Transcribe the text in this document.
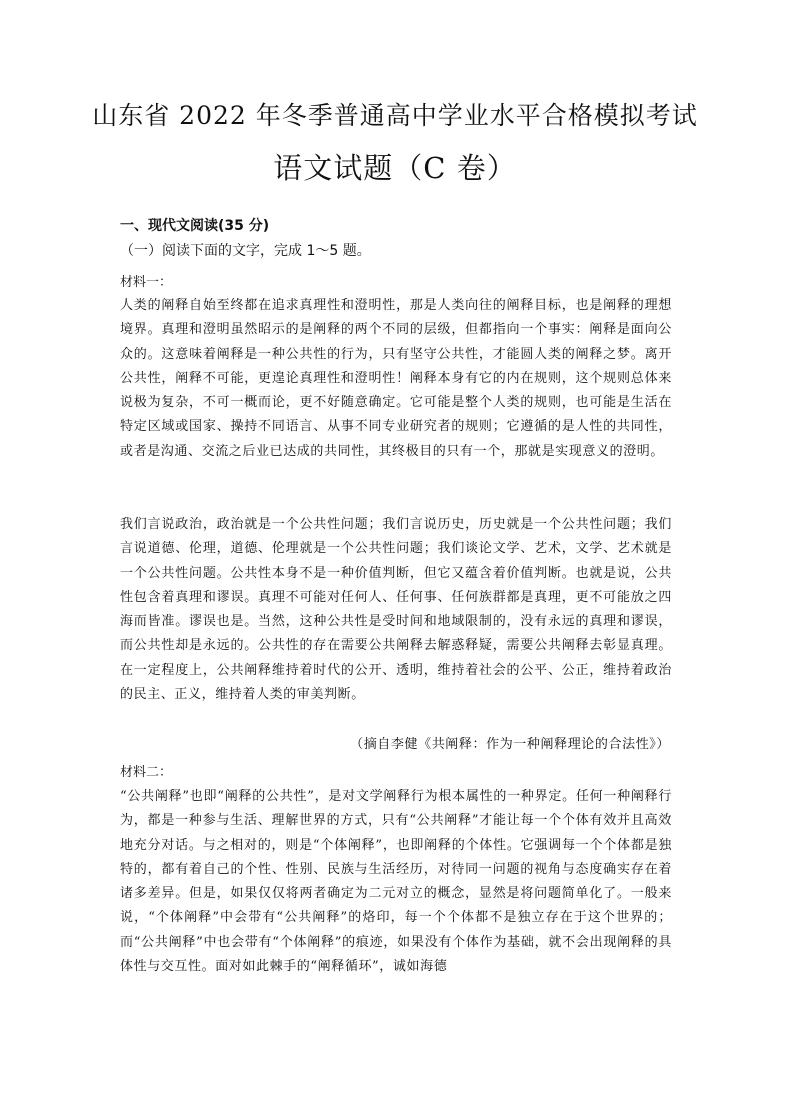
山东省 2022 年冬季普通高中学业水平合格模拟考试
语文试题（C 卷）
一、现代文阅读(35 分)
（一）阅读下面的文字，完成 1～5 题。
材料一：
人类的阐释自始至终都在追求真理性和澄明性，那是人类向往的阐释目标，也是阐释的理想境界。真理和澄明虽然昭示的是阐释的两个不同的层级，但都指向一个事实：阐释是面向公众的。这意味着阐释是一种公共性的行为，只有坚守公共性，才能圆人类的阐释之梦。离开公共性，阐释不可能，更遑论真理性和澄明性！阐释本身有它的内在规则，这个规则总体来说极为复杂，不可一概而论，更不好随意确定。它可能是整个人类的规则，也可能是生活在特定区域或国家、操持不同语言、从事不同专业研究者的规则；它遵循的是人性的共同性，或者是沟通、交流之后业已达成的共同性，其终极目的只有一个，那就是实现意义的澄明。
我们言说政治，政治就是一个公共性问题；我们言说历史，历史就是一个公共性问题；我们言说道德、伦理，道德、伦理就是一个公共性问题；我们谈论文学、艺术，文学、艺术就是一个公共性问题。公共性本身不是一种价值判断，但它又蕴含着价值判断。也就是说，公共性包含着真理和谬误。真理不可能对任何人、任何事、任何族群都是真理，更不可能放之四海而皆准。谬误也是。当然，这种公共性是受时间和地域限制的，没有永远的真理和谬误，而公共性却是永远的。公共性的存在需要公共阐释去解惑释疑，需要公共阐释去彰显真理。在一定程度上，公共阐释维持着时代的公开、透明，维持着社会的公平、公正，维持着政治的民主、正义，维持着人类的审美判断。
（摘自李健《共阐释：作为一种阐释理论的合法性》）
材料二：
“公共阐释”也即“阐释的公共性”，是对文学阐释行为根本属性的一种界定。任何一种阐释行为，都是一种参与生活、理解世界的方式，只有“公共阐释”才能让每一个个体有效并且高效地充分对话。与之相对的，则是“个体阐释”，也即阐释的个体性。它强调每一个个体都是独特的，都有着自己的个性、性别、民族与生活经历，对待同一问题的视角与态度确实存在着诸多差异。但是，如果仅仅将两者确定为二元对立的概念，显然是将问题简单化了。一般来说，“个体阐释”中会带有“公共阐释”的烙印，每一个个体都不是独立存在于这个世界的；而“公共阐释”中也会带有“个体阐释”的痕迹，如果没有个体作为基础，就不会出现阐释的具体性与交互性。面对如此棘手的“阐释循环”，诚如海德
